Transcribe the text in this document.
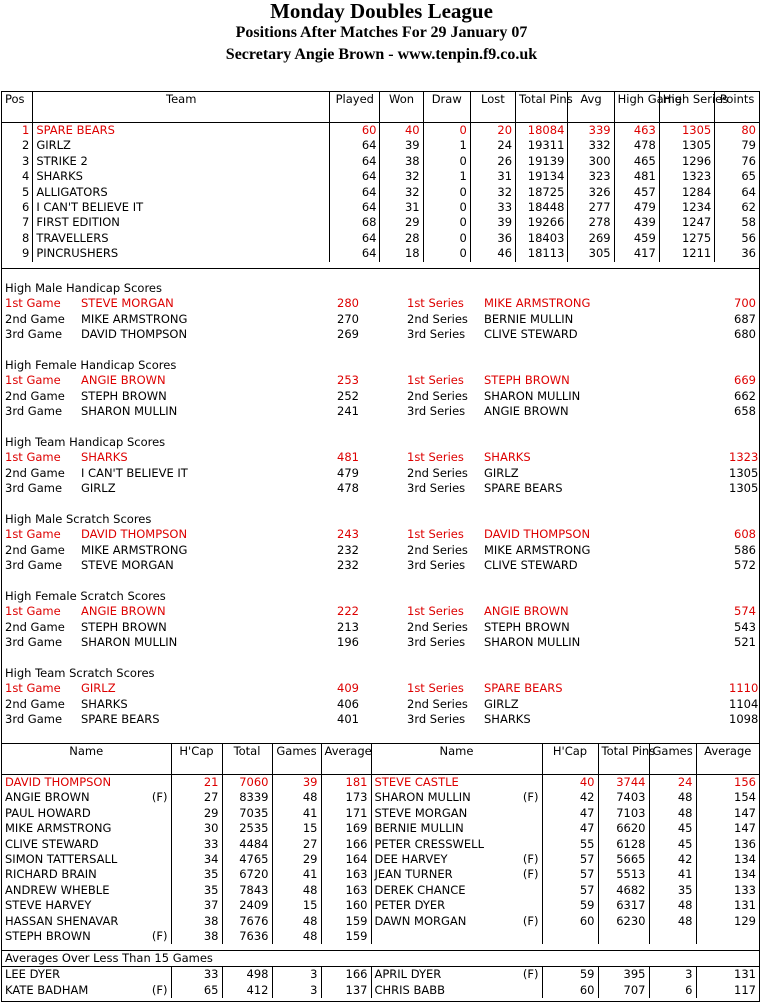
Monday Doubles League
Positions After Matches For 29 January 07
Secretary Angie Brown - www.tenpin.f9.co.uk
Pos	Team	Played	Won	Draw	Lost	Total Pins	Avg	High Game	High Series	Points
1	SPARE BEARS	60	40	0	20	18084	339	463	1305	80
2	GIRLZ	64	39	1	24	19311	332	478	1305	79
3	STRIKE 2	64	38	0	26	19139	300	465	1296	76
4	SHARKS	64	32	1	31	19134	323	481	1323	65
5	ALLIGATORS	64	32	0	32	18725	326	457	1284	64
6	I CAN'T BELIEVE IT	64	31	0	33	18448	277	479	1234	62
7	FIRST EDITION	68	29	0	39	19266	278	439	1247	58
8	TRAVELLERS	64	28	0	36	18403	269	459	1275	56
9	PINCRUSHERS	64	18	0	46	18113	305	417	1211	36
High Male Handicap Scores
1st Game	STEVE MORGAN	280	1st Series	MIKE ARMSTRONG	700
2nd Game	MIKE ARMSTRONG	270	2nd Series	BERNIE MULLIN	687
3rd Game	DAVID THOMPSON	269	3rd Series	CLIVE STEWARD	680
High Female Handicap Scores
1st Game	ANGIE BROWN	253	1st Series	STEPH BROWN	669
2nd Game	STEPH BROWN	252	2nd Series	SHARON MULLIN	662
3rd Game	SHARON MULLIN	241	3rd Series	ANGIE BROWN	658
High Team Handicap Scores
1st Game	SHARKS	481	1st Series	SHARKS	1323
2nd Game	I CAN'T BELIEVE IT	479	2nd Series	GIRLZ	1305
3rd Game	GIRLZ	478	3rd Series	SPARE BEARS	1305
High Male Scratch Scores
1st Game	DAVID THOMPSON	243	1st Series	DAVID THOMPSON	608
2nd Game	MIKE ARMSTRONG	232	2nd Series	MIKE ARMSTRONG	586
3rd Game	STEVE MORGAN	232	3rd Series	CLIVE STEWARD	572
High Female Scratch Scores
1st Game	ANGIE BROWN	222	1st Series	ANGIE BROWN	574
2nd Game	STEPH BROWN	213	2nd Series	STEPH BROWN	543
3rd Game	SHARON MULLIN	196	3rd Series	SHARON MULLIN	521
High Team Scratch Scores
1st Game	GIRLZ	409	1st Series	SPARE BEARS	1110
2nd Game	SHARKS	406	2nd Series	GIRLZ	1104
3rd Game	SPARE BEARS	401	3rd Series	SHARKS	1098
Name		H'Cap	Total	Games	Average	Name		H'Cap	Total Pins	Games	Average
DAVID THOMPSON		21	7060	39	181	STEVE CASTLE		40	3744	24	156
ANGIE BROWN	(F)	27	8339	48	173	SHARON MULLIN	(F)	42	7403	48	154
PAUL HOWARD		29	7035	41	171	STEVE MORGAN		47	7103	48	147
MIKE ARMSTRONG		30	2535	15	169	BERNIE MULLIN		47	6620	45	147
CLIVE STEWARD		33	4484	27	166	PETER CRESSWELL		55	6128	45	136
SIMON TATTERSALL		34	4765	29	164	DEE HARVEY	(F)	57	5665	42	134
RICHARD BRAIN		35	6720	41	163	JEAN TURNER	(F)	57	5513	41	134
ANDREW WHEBLE		35	7843	48	163	DEREK CHANCE		57	4682	35	133
STEVE HARVEY		37	2409	15	160	PETER DYER		59	6317	48	131
HASSAN SHENAVAR		38	7676	48	159	DAWN MORGAN	(F)	60	6230	48	129
STEPH BROWN	(F)	38	7636	48	159						
Averages Over Less Than 15 Games											
LEE DYER		33	498	3	166	APRIL DYER	(F)	59	395	3	131
KATE BADHAM	(F)	65	412	3	137	CHRIS BABB		60	707	6	117
